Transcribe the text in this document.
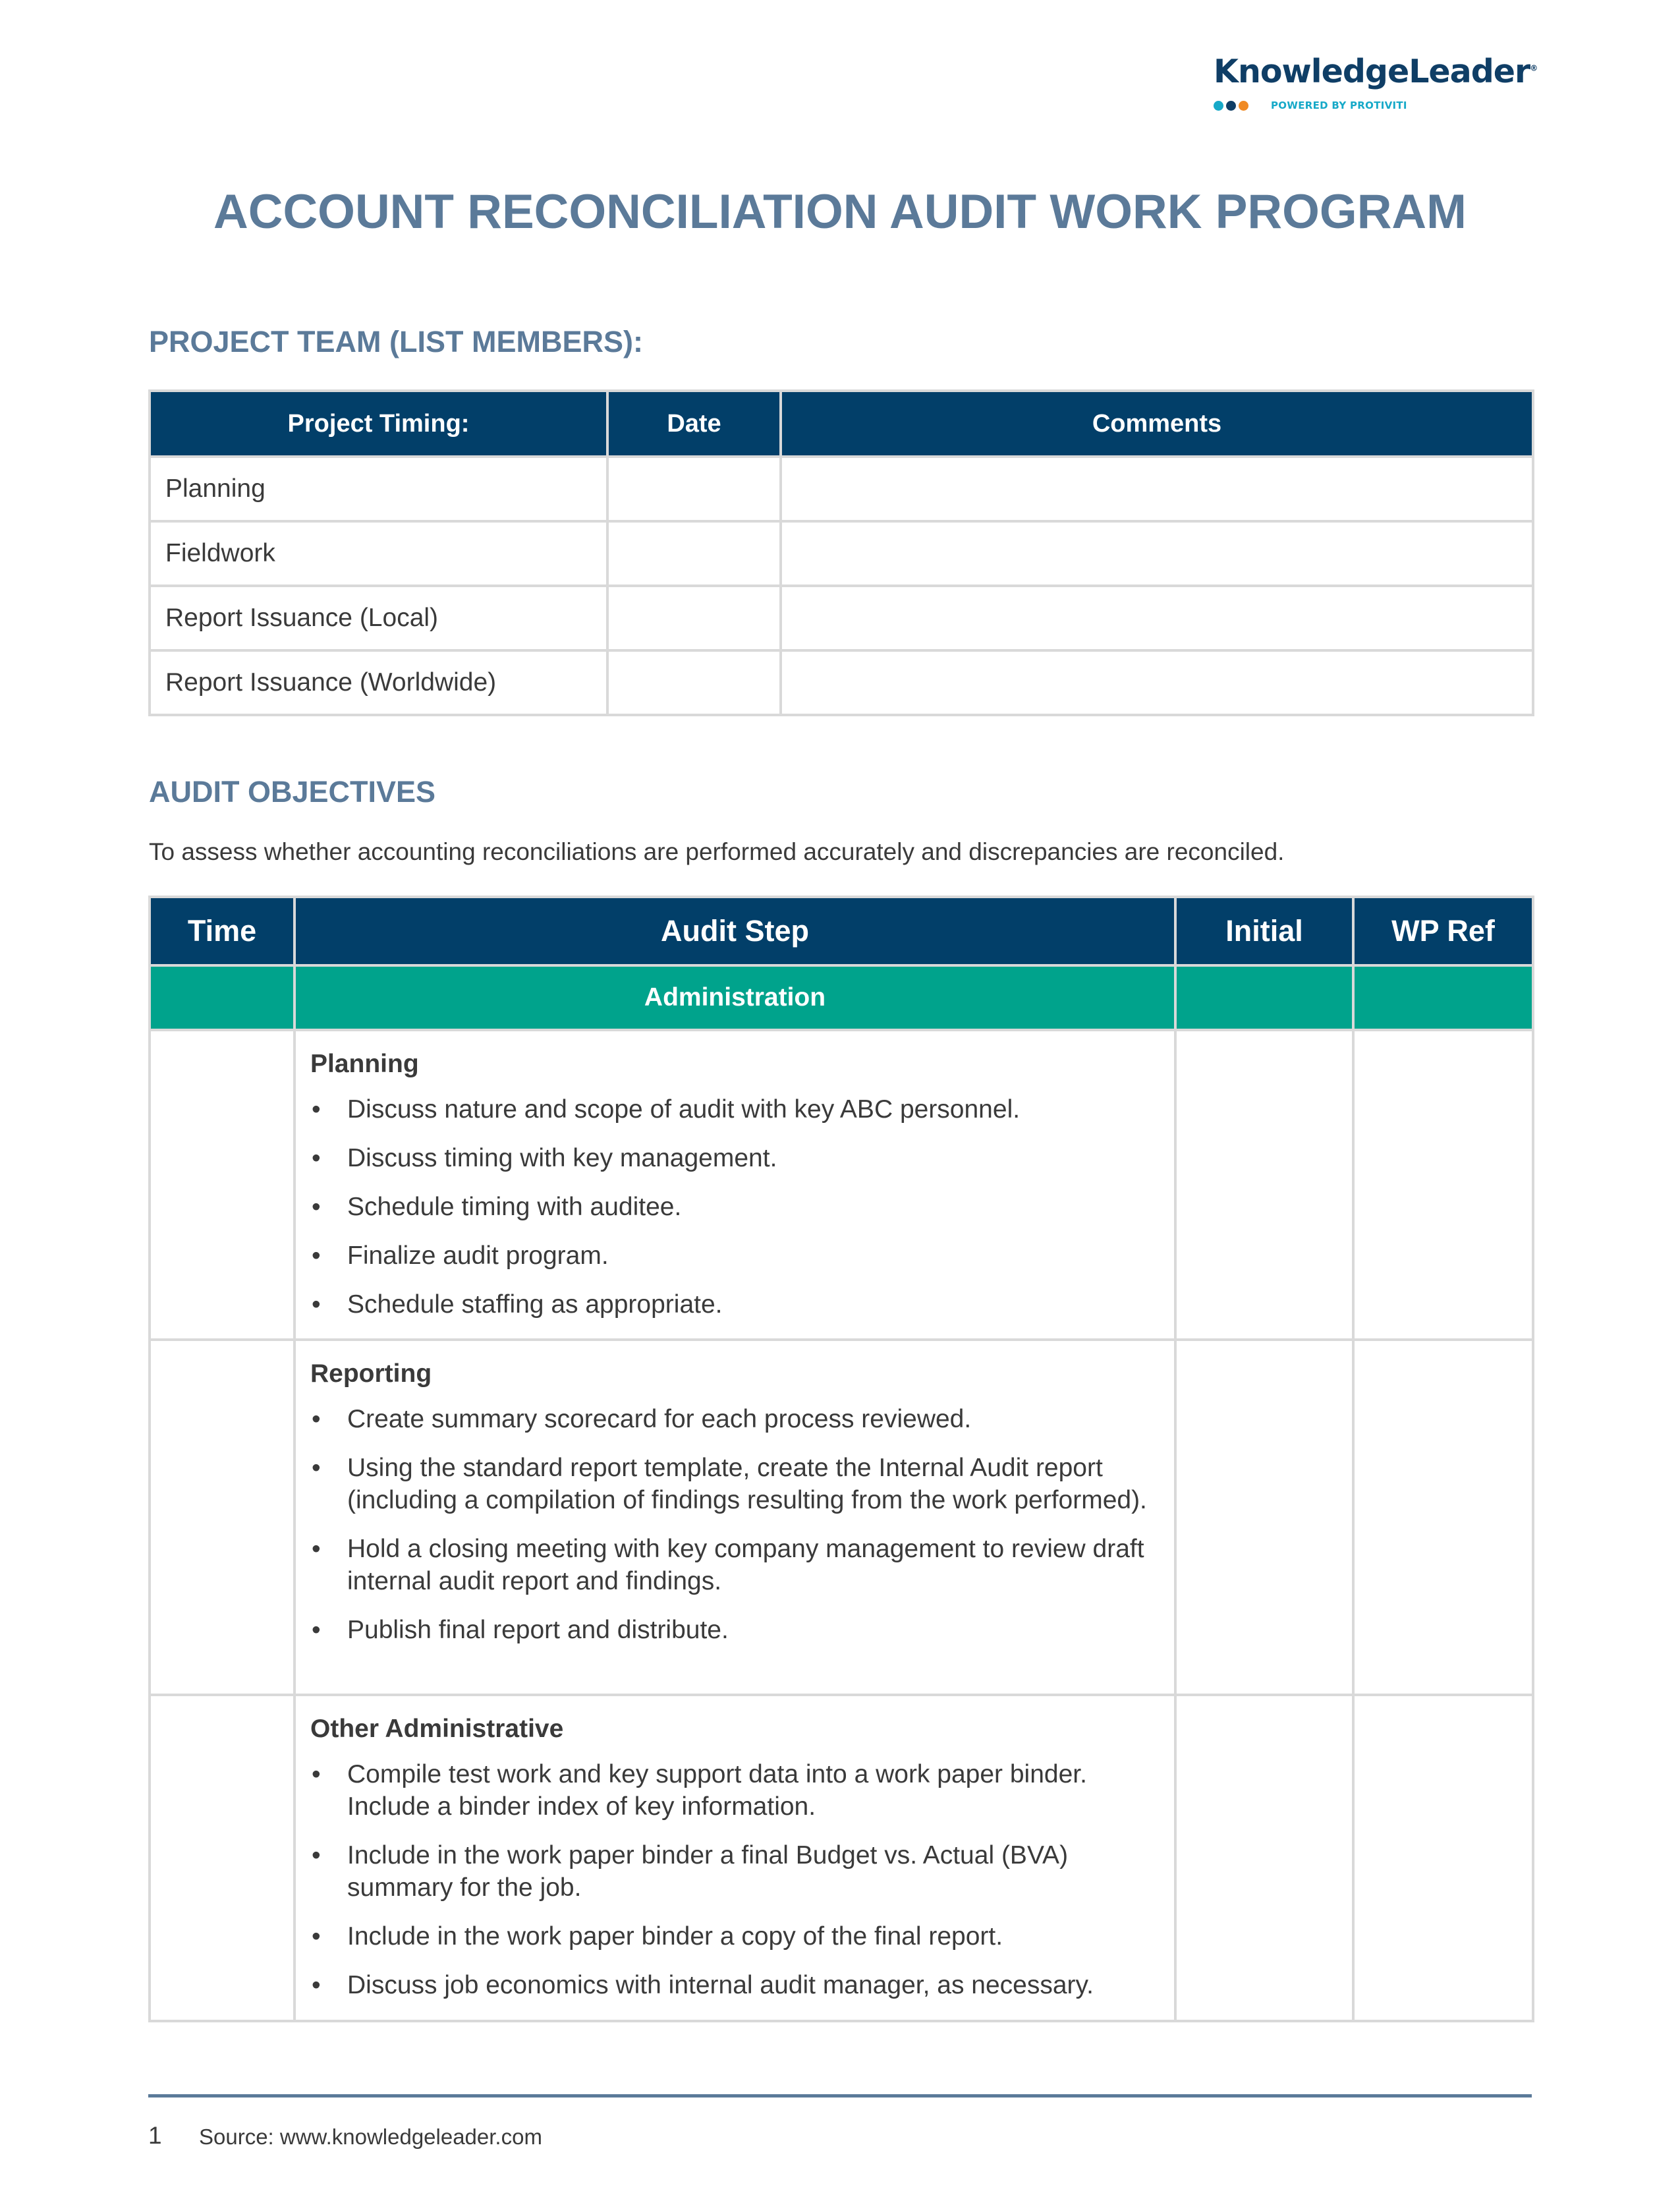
KnowledgeLeader®
POWERED BY PROTIVITI
ACCOUNT RECONCILIATION AUDIT WORK PROGRAM
PROJECT TEAM (LIST MEMBERS):
Project Timing:	Date	Comments
Planning		
Fieldwork		
Report Issuance (Local)		
Report Issuance (Worldwide)		
AUDIT OBJECTIVES
To assess whether accounting reconciliations are performed accurately and discrepancies are reconciled.
Time	Audit Step	Initial	WP Ref
	Administration		

Planning
• Discuss nature and scope of audit with key ABC personnel.
• Discuss timing with key management.
• Schedule timing with auditee.
• Finalize audit program.
• Schedule staffing as appropriate.

Reporting
• Create summary scorecard for each process reviewed.
• Using the standard report template, create the Internal Audit report (including a compilation of findings resulting from the work performed).
• Hold a closing meeting with key company management to review draft internal audit report and findings.
• Publish final report and distribute.

Other Administrative
• Compile test work and key support data into a work paper binder. Include a binder index of key information.
• Include in the work paper binder a final Budget vs. Actual (BVA) summary for the job.
• Include in the work paper binder a copy of the final report.
• Discuss job economics with internal audit manager, as necessary.

1 Source: www.knowledgeleader.com
